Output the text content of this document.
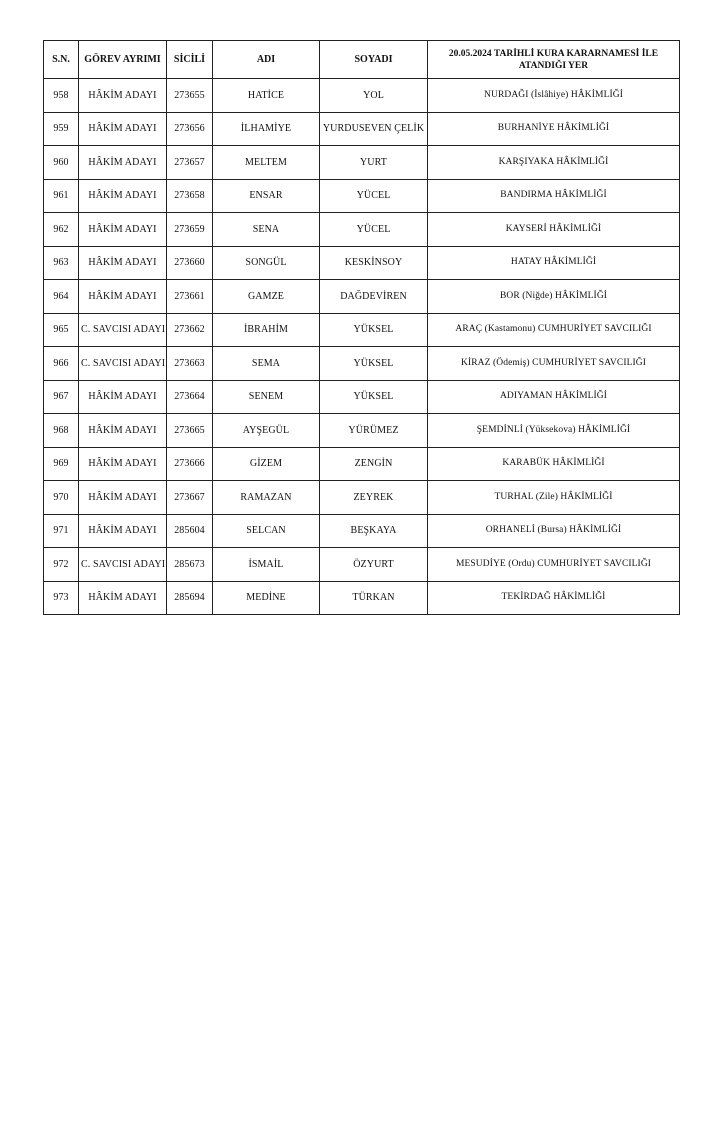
S.N.	GÖREV AYRIMI	SİCİLİ	ADI	SOYADI	20.05.2024 TARİHLİ KURA KARARNAMESİ İLE ATANDIĞI YER
958	HÂKİM ADAYI	273655	HATİCE	YOL	NURDAĞI (İslâhiye) HÂKİMLİĞİ
959	HÂKİM ADAYI	273656	İLHAMİYE	YURDUSEVEN ÇELİK	BURHANİYE HÂKİMLİĞİ
960	HÂKİM ADAYI	273657	MELTEM	YURT	KARŞIYAKA HÂKİMLİĞİ
961	HÂKİM ADAYI	273658	ENSAR	YÜCEL	BANDIRMA HÂKİMLİĞİ
962	HÂKİM ADAYI	273659	SENA	YÜCEL	KAYSERİ HÂKİMLİĞİ
963	HÂKİM ADAYI	273660	SONGÜL	KESKİNSOY	HATAY HÂKİMLİĞİ
964	HÂKİM ADAYI	273661	GAMZE	DAĞDEVİREN	BOR (Niğde) HÂKİMLİĞİ
965	C. SAVCISI ADAYI	273662	İBRAHİM	YÜKSEL	ARAÇ (Kastamonu) CUMHURİYET SAVCILIĞI
966	C. SAVCISI ADAYI	273663	SEMA	YÜKSEL	KİRAZ (Ödemiş) CUMHURİYET SAVCILIĞI
967	HÂKİM ADAYI	273664	SENEM	YÜKSEL	ADIYAMAN HÂKİMLİĞİ
968	HÂKİM ADAYI	273665	AYŞEGÜL	YÜRÜMEZ	ŞEMDİNLİ (Yüksekova) HÂKİMLİĞİ
969	HÂKİM ADAYI	273666	GİZEM	ZENGİN	KARABÜK HÂKİMLİĞİ
970	HÂKİM ADAYI	273667	RAMAZAN	ZEYREK	TURHAL (Zile) HÂKİMLİĞİ
971	HÂKİM ADAYI	285604	SELCAN	BEŞKAYA	ORHANELİ (Bursa) HÂKİMLİĞİ
972	C. SAVCISI ADAYI	285673	İSMAİL	ÖZYURT	MESUDİYE (Ordu) CUMHURİYET SAVCILIĞI
973	HÂKİM ADAYI	285694	MEDİNE	TÜRKAN	TEKİRDAĞ HÂKİMLİĞİ
